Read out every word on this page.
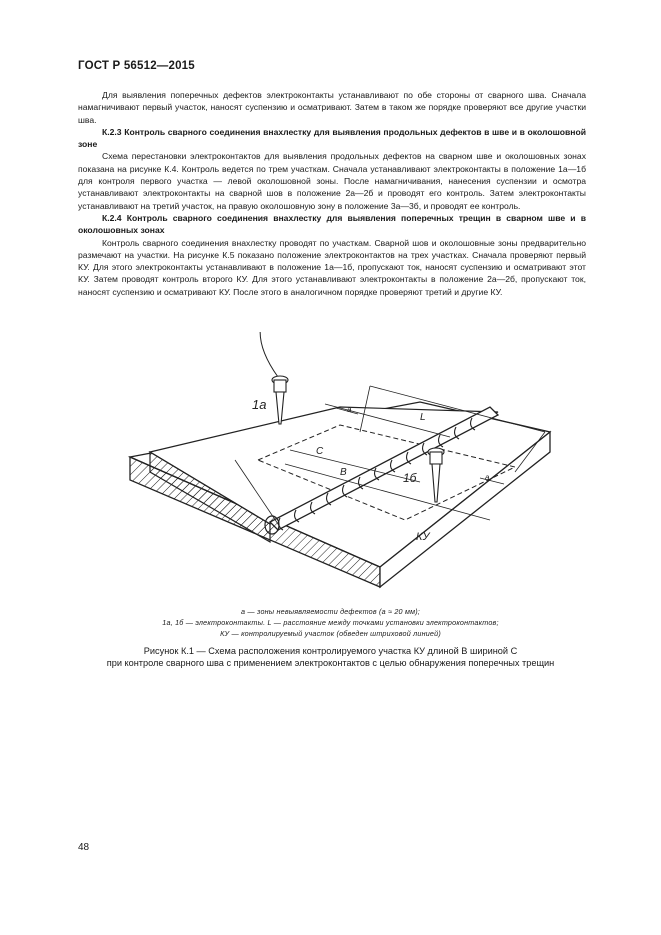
ГОСТ Р 56512—2015

Для выявления поперечных дефектов электроконтакты устанавливают по обе стороны от сварного шва. Сначала намагничивают первый участок, наносят суспензию и осматривают. Затем в таком же порядке проверяют все другие участки шва.

К.2.3 Контроль сварного соединения внахлестку для выявления продольных дефектов в шве и в околошовной зоне

Схема перестановки электроконтактов для выявления продольных дефектов на сварном шве и околошовных зонах показана на рисунке К.4. Контроль ведется по трем участкам. Сначала устанавливают электроконтакты в положение 1а—1б для контроля первого участка — левой околошовной зоны. После намагничивания, нанесения суспензии и осмотра устанавливают электроконтакты на сварной шов в положение 2а—2б и проводят его контроль. Затем электроконтакты устанавливают на третий участок, на правую околошовную зону в положение 3а—3б, и проводят ее контроль.

К.2.4 Контроль сварного соединения внахлестку для выявления поперечных трещин в сварном шве и в околошовных зонах

Контроль сварного соединения внахлестку проводят по участкам. Сварной шов и околошовные зоны предварительно размечают на участки. На рисунке К.5 показано положение электроконтактов на трех участках. Сначала проверяют первый КУ. Для этого электроконтакты устанавливают в положение 1а—1б, пропускают ток, наносят суспензию и осматривают этот КУ. Затем проводят контроль второго КУ. Для этого устанавливают электроконтакты в положение 2а—2б, пропускают ток, наносят суспензию и осматривают КУ. После этого в аналогичном порядке проверяют третий и другие КУ.

1а
1б
а
а
L
С
В
КУ
а — зоны невыявляемости дефектов (а ≈ 20 мм);
1а, 1б — электроконтакты. L — расстояние между точками установки электроконтактов;
КУ — контролируемый участок (обведен штриховой линией)
Рисунок К.1 — Схема расположения контролируемого участка КУ длиной В шириной С
при контроле сварного шва с применением электроконтактов с целью обнаружения поперечных трещин
48
